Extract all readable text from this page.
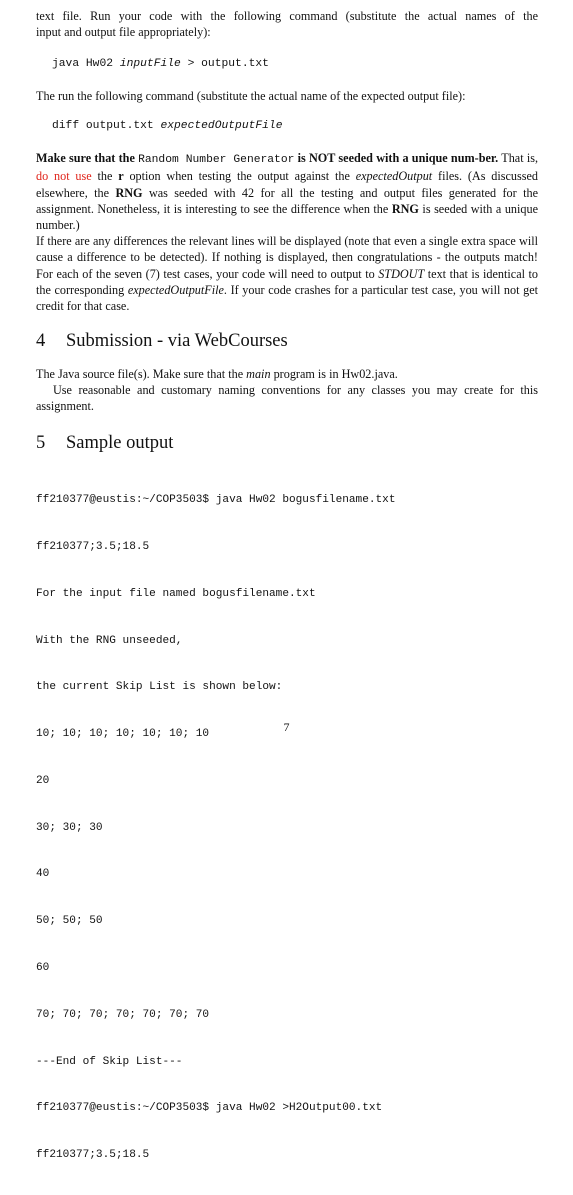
text file. Run your code with the following command (substitute the actual names of the
input and output file appropriately):
java Hw02 inputFile > output.txt
The run the following command (substitute the actual name of the expected output file):
diff output.txt expectedOutputFile
Make sure that the Random Number Generator is NOT seeded with a unique num-ber. That is, do not use the r option when testing the output against the expectedOutput files. (As discussed elsewhere, the RNG was seeded with 42 for all the testing and output files generated for the assignment. Nonetheless, it is interesting to see the difference when the RNG is seeded with a unique number.)
If there are any differences the relevant lines will be displayed (note that even a single extra space will cause a difference to be detected). If nothing is displayed, then congratulations - the outputs match! For each of the seven (7) test cases, your code will need to output to STDOUT text that is identical to the corresponding expectedOutputFile. If your code crashes for a particular test case, you will not get credit for that case.
4 Submission - via WebCourses
The Java source file(s). Make sure that the main program is in Hw02.java.
Use reasonable and customary naming conventions for any classes you may create for this assignment.
5 Sample output

ff210377@eustis:~/COP3503$ java Hw02 bogusfilename.txt

ff210377;3.5;18.5

For the input file named bogusfilename.txt

With the RNG unseeded,

the current Skip List is shown below:

10; 10; 10; 10; 10; 10; 10

20

30; 30; 30

40

50; 50; 50

60

70; 70; 70; 70; 70; 70; 70

---End of Skip List---

ff210377@eustis:~/COP3503$ java Hw02 >H2Output00.txt

ff210377;3.5;18.5

7
